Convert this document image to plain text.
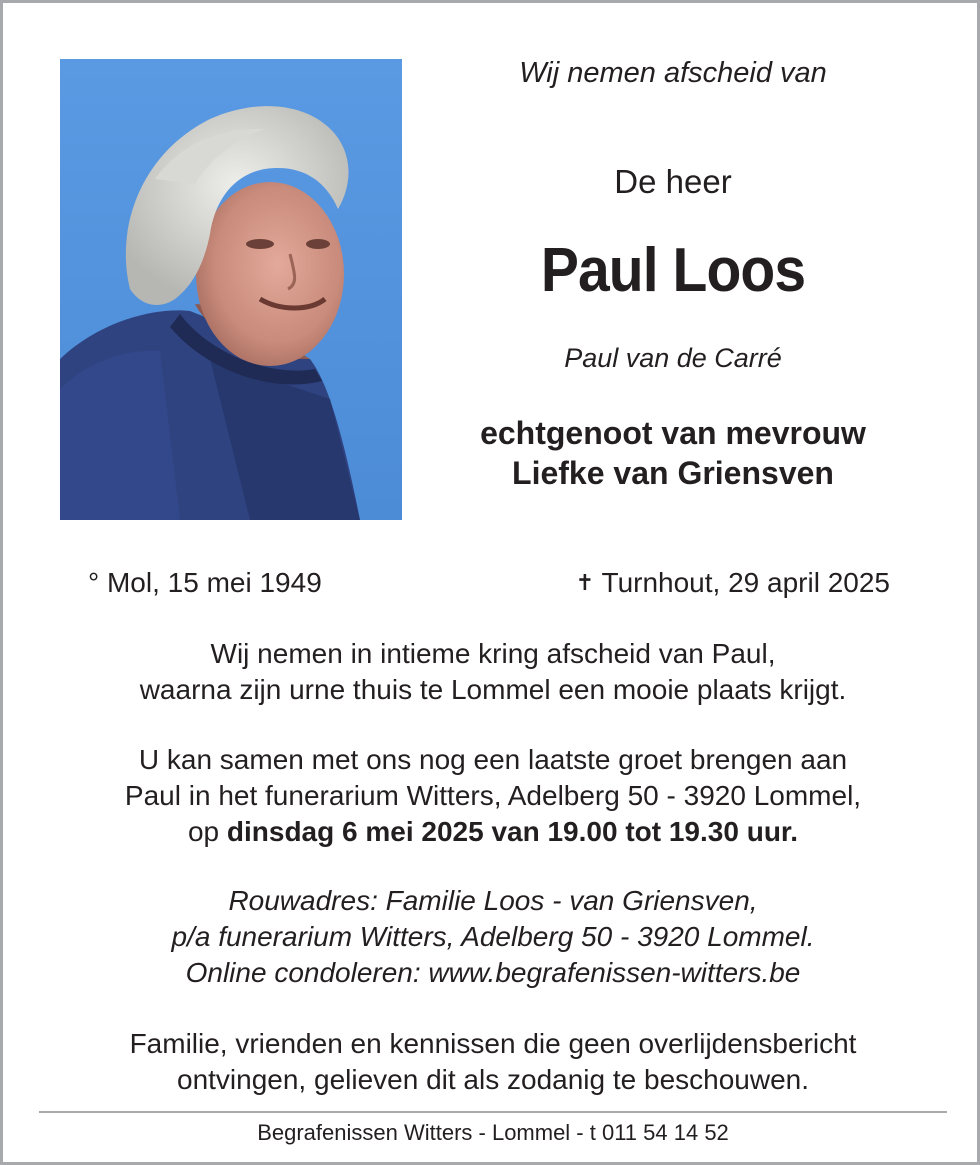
Wij nemen afscheid van
De heer
Paul Loos
Paul van de Carré
echtgenoot van mevrouw
Liefke van Griensven
° Mol, 15 mei 1949	✝ Turnhout, 29 april 2025
Wij nemen in intieme kring afscheid van Paul,
waarna zijn urne thuis te Lommel een mooie plaats krijgt.
U kan samen met ons nog een laatste groet brengen aan
Paul in het funerarium Witters, Adelberg 50 - 3920 Lommel,
op dinsdag 6 mei 2025 van 19.00 tot 19.30 uur.
Rouwadres: Familie Loos - van Griensven,
p/a funerarium Witters, Adelberg 50 - 3920 Lommel.
Online condoleren: www.begrafenissen-witters.be
Familie, vrienden en kennissen die geen overlijdensbericht
ontvingen, gelieven dit als zodanig te beschouwen.
Begrafenissen Witters - Lommel - t 011 54 14 52
